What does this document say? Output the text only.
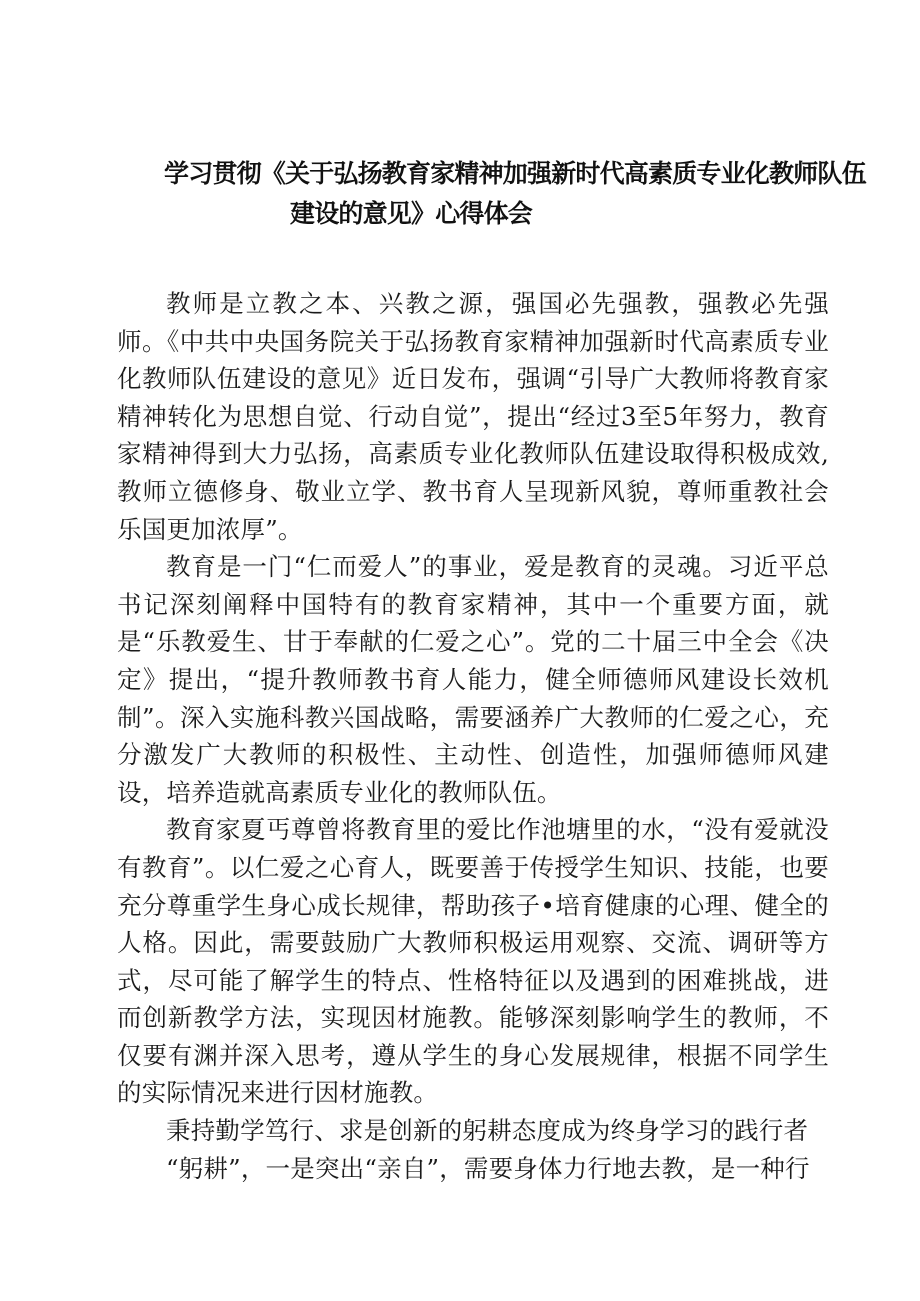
学习贯彻《关于弘扬教育家精神加强新时代高素质专业化教师队伍
建设的意见》心得体会

教师是立教之本、兴教之源，强国必先强教，强教必先强师。《中共中央国务院关于弘扬教育家精神加强新时代高素质专业化教师队伍建设的意见》近日发布，强调“引导广大教师将教育家精神转化为思想自觉、行动自觉”，提出“经过3至5年努力，教育家精神得到大力弘扬，高素质专业化教师队伍建设取得积极成效,教师立德修身、敬业立学、教书育人呈现新风貌，尊师重教社会乐国更加浓厚”。

教育是一门“仁而爱人”的事业，爱是教育的灵魂。习近平总书记深刻阐释中国特有的教育家精神，其中一个重要方面，就是“乐教爱生、甘于奉献的仁爱之心”。党的二十届三中全会《决定》提出，“提升教师教书育人能力，健全师德师风建设长效机制”。深入实施科教兴国战略，需要涵养广大教师的仁爱之心，充分激发广大教师的积极性、主动性、创造性，加强师德师风建设，培养造就高素质专业化的教师队伍。

教育家夏丐尊曾将教育里的爱比作池塘里的水，“没有爱就没有教育”。以仁爱之心育人，既要善于传授学生知识、技能，也要充分尊重学生身心成长规律，帮助孩子•培育健康的心理、健全的人格。因此，需要鼓励广大教师积极运用观察、交流、调研等方式，尽可能了解学生的特点、性格特征以及遇到的困难挑战，进而创新教学方法，实现因材施教。能够深刻影响学生的教师，不仅要有渊并深入思考，遵从学生的身心发展规律，根据不同学生的实际情况来进行因材施教。

秉持勤学笃行、求是创新的躬耕态度成为终身学习的践行者

“躬耕”，一是突出“亲自”，需要身体力行地去教，是一种行
